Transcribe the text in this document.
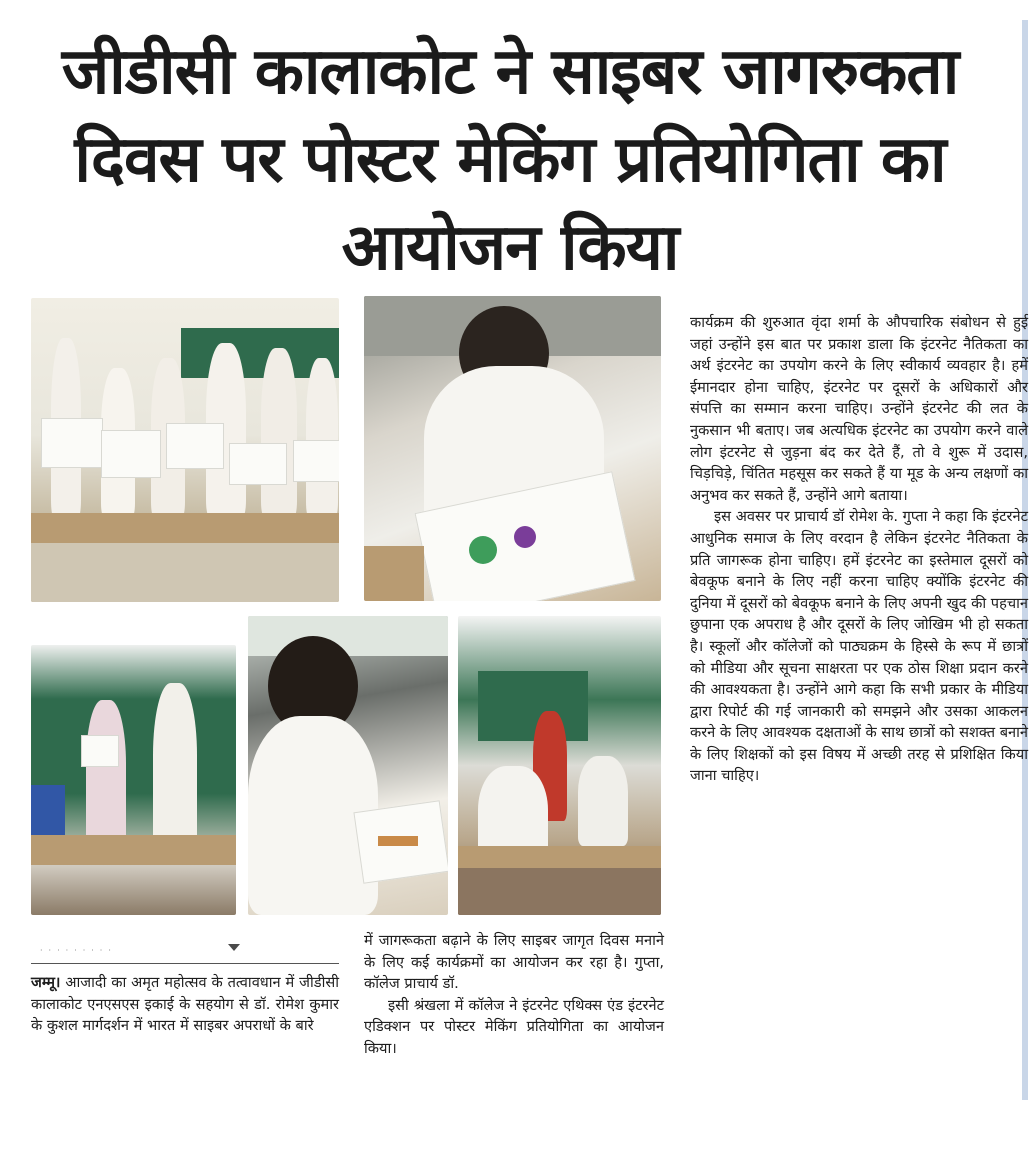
जीडीसी कालाकोट ने साइबर जागरुकता दिवस पर पोस्टर मेकिंग प्रतियोगिता का आयोजन किया
·········

जम्मू। आजादी का अमृत महोत्सव के तत्वावधान में जीडीसी कालाकोट एनएसएस इकाई के सहयोग से डॉ. रोमेश कुमार के कुशल मार्गदर्शन में भारत में साइबर अपराधों के बारे

में जागरूकता बढ़ाने के लिए साइबर जागृत दिवस मनाने के लिए कई कार्यक्रमों का आयोजन कर रहा है। गुप्ता, कॉलेज प्राचार्य डॉ.

इसी श्रंखला में कॉलेज ने इंटरनेट एथिक्स एंड इंटरनेट एडिक्शन पर पोस्टर मेकिंग प्रतियोगिता का आयोजन किया।

कार्यक्रम की शुरुआत वृंदा शर्मा के औपचारिक संबोधन से हुई जहां उन्होंने इस बात पर प्रकाश डाला कि इंटरनेट नैतिकता का अर्थ इंटरनेट का उपयोग करने के लिए स्वीकार्य व्यवहार है। हमें ईमानदार होना चाहिए, इंटरनेट पर दूसरों के अधिकारों और संपत्ति का सम्मान करना चाहिए। उन्होंने इंटरनेट की लत के नुकसान भी बताए। जब अत्यधिक इंटरनेट का उपयोग करने वाले लोग इंटरनेट से जुड़ना बंद कर देते हैं, तो वे शुरू में उदास, चिड़चिड़े, चिंतित महसूस कर सकते हैं या मूड के अन्य लक्षणों का अनुभव कर सकते हैं, उन्होंने आगे बताया।

इस अवसर पर प्राचार्य डॉ रोमेश के. गुप्ता ने कहा कि इंटरनेट आधुनिक समाज के लिए वरदान है लेकिन इंटरनेट नैतिकता के प्रति जागरूक होना चाहिए। हमें इंटरनेट का इस्तेमाल दूसरों को बेवकूफ बनाने के लिए नहीं करना चाहिए क्योंकि इंटरनेट की दुनिया में दूसरों को बेवकूफ बनाने के लिए अपनी खुद की पहचान छुपाना एक अपराध है और दूसरों के लिए जोखिम भी हो सकता है। स्कूलों और कॉलेजों को पाठ्यक्रम के हिस्से के रूप में छात्रों को मीडिया और सूचना साक्षरता पर एक ठोस शिक्षा प्रदान करने की आवश्यकता है। उन्होंने आगे कहा कि सभी प्रकार के मीडिया द्वारा रिपोर्ट की गई जानकारी को समझने और उसका आकलन करने के लिए आवश्यक दक्षताओं के साथ छात्रों को सशक्त बनाने के लिए शिक्षकों को इस विषय में अच्छी तरह से प्रशिक्षित किया जाना चाहिए।
